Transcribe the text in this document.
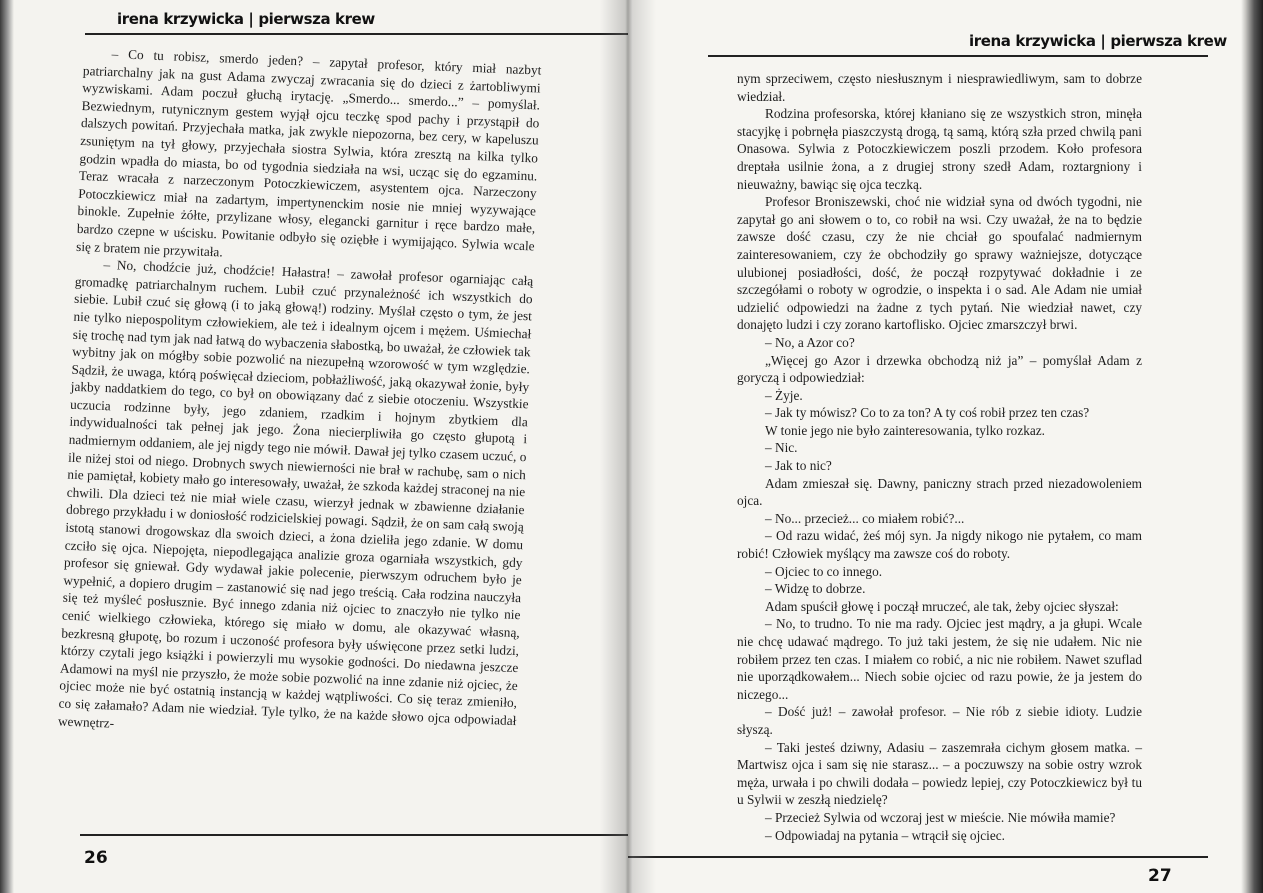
irena krzywicka | pierwsza krew

– Co tu robisz, smerdo jeden? – zapytał profesor, który miał nazbyt patriarchalny jak na gust Adama zwyczaj zwracania się do dzieci z żartobliwymi wyzwiskami. Adam poczuł głuchą irytację. „Smerdo... smerdo...” – pomyślał. Bezwiednym, rutynicznym gestem wyjął ojcu teczkę spod pachy i przystąpił do dalszych powitań. Przyjechała matka, jak zwykle niepozorna, bez cery, w kapeluszu zsuniętym na tył głowy, przyjechała siostra Sylwia, która zresztą na kilka tylko godzin wpadła do miasta, bo od tygodnia siedziała na wsi, ucząc się do egzaminu. Teraz wracała z narzeczonym Potoczkiewiczem, asystentem ojca. Narzeczony Potoczkiewicz miał na zadartym, impertynenckim nosie nie mniej wyzywające binokle. Zupełnie żółte, przylizane włosy, elegancki garnitur i ręce bardzo małe, bardzo czepne w uścisku. Powitanie odbyło się oziębłe i wymijająco. Sylwia wcale się z bratem nie przywitała.

– No, chodźcie już, chodźcie! Hałastra! – zawołał profesor ogarniając całą gromadkę patriarchalnym ruchem. Lubił czuć przynależność ich wszystkich do siebie. Lubił czuć się głową (i to jaką głową!) rodziny. Myślał często o tym, że jest nie tylko niepospolitym człowiekiem, ale też i idealnym ojcem i mężem. Uśmiechał się trochę nad tym jak nad łatwą do wybaczenia słabostką, bo uważał, że człowiek tak wybitny jak on mógłby sobie pozwolić na niezupełną wzorowość w tym względzie. Sądził, że uwaga, którą poświęcał dzieciom, pobłażliwość, jaką okazywał żonie, były jakby naddatkiem do tego, co był on obowiązany dać z siebie otoczeniu. Wszystkie uczucia rodzinne były, jego zdaniem, rzadkim i hojnym zbytkiem dla indywidualności tak pełnej jak jego. Żona niecierpliwiła go często głupotą i nadmiernym oddaniem, ale jej nigdy tego nie mówił. Dawał jej tylko czasem uczuć, o ile niżej stoi od niego. Drobnych swych niewierności nie brał w rachubę, sam o nich nie pamiętał, kobiety mało go interesowały, uważał, że szkoda każdej straconej na nie chwili. Dla dzieci też nie miał wiele czasu, wierzył jednak w zbawienne działanie dobrego przykładu i w doniosłość rodzicielskiej powagi. Sądził, że on sam całą swoją istotą stanowi drogowskaz dla swoich dzieci, a żona dzieliła jego zdanie. W domu czciło się ojca. Niepojęta, niepodlegająca analizie groza ogarniała wszystkich, gdy profesor się gniewał. Gdy wydawał jakie polecenie, pierwszym odruchem było je wypełnić, a dopiero drugim – zastanowić się nad jego treścią. Cała rodzina nauczyła się też myśleć posłusznie. Być innego zdania niż ojciec to znaczyło nie tylko nie cenić wielkiego człowieka, którego się miało w domu, ale okazywać własną, bezkresną głupotę, bo rozum i uczoność profesora były uświęcone przez setki ludzi, którzy czytali jego książki i powierzyli mu wysokie godności. Do niedawna jeszcze Adamowi na myśl nie przyszło, że może sobie pozwolić na inne zdanie niż ojciec, że ojciec może nie być ostatnią instancją w każdej wątpliwości. Co się teraz zmieniło, co się załamało? Adam nie wiedział. Tyle tylko, że na każde słowo ojca odpowiadał wewnętrz-

26
irena krzywicka | pierwsza krew
27

nym sprzeciwem, często niesłusznym i niesprawiedliwym, sam to dobrze wiedział.

Rodzina profesorska, której kłaniano się ze wszystkich stron, minęła stacyjkę i pobrnęła piaszczystą drogą, tą samą, którą szła przed chwilą pani Onasowa. Sylwia z Potoczkiewiczem poszli przodem. Koło profesora dreptała usilnie żona, a z drugiej strony szedł Adam, roztargniony i nieuważny, bawiąc się ojca teczką.

Profesor Broniszewski, choć nie widział syna od dwóch tygodni, nie zapytał go ani słowem o to, co robił na wsi. Czy uważał, że na to będzie zawsze dość czasu, czy że nie chciał go spoufalać nadmiernym zainteresowaniem, czy że obchodziły go sprawy ważniejsze, dotyczące ulubionej posiadłości, dość, że począł rozpytywać dokładnie i ze szczegółami o roboty w ogrodzie, o inspekta i o sad. Ale Adam nie umiał udzielić odpowiedzi na żadne z tych pytań. Nie wiedział nawet, czy donajęto ludzi i czy zorano kartoflisko. Ojciec zmarszczył brwi.

– No, a Azor co?

„Więcej go Azor i drzewka obchodzą niż ja” – pomyślał Adam z goryczą i odpowiedział:

– Żyje.

– Jak ty mówisz? Co to za ton? A ty coś robił przez ten czas?

W tonie jego nie było zainteresowania, tylko rozkaz.

– Nic.

– Jak to nic?

Adam zmieszał się. Dawny, paniczny strach przed niezadowoleniem ojca.

– No... przecież... co miałem robić?...

– Od razu widać, żeś mój syn. Ja nigdy nikogo nie pytałem, co mam robić! Człowiek myślący ma zawsze coś do roboty.

– Ojciec to co innego.

– Widzę to dobrze.

Adam spuścił głowę i począł mruczeć, ale tak, żeby ojciec słyszał:

– No, to trudno. To nie ma rady. Ojciec jest mądry, a ja głupi. Wcale nie chcę udawać mądrego. To już taki jestem, że się nie udałem. Nic nie robiłem przez ten czas. I miałem co robić, a nic nie robiłem. Nawet szuflad nie uporządkowałem... Niech sobie ojciec od razu powie, że ja jestem do niczego...

– Dość już! – zawołał profesor. – Nie rób z siebie idioty. Ludzie słyszą.

– Taki jesteś dziwny, Adasiu – zaszemrała cichym głosem matka. – Martwisz ojca i sam się nie starasz... – a poczuwszy na sobie ostry wzrok męża, urwała i po chwili dodała – powiedz lepiej, czy Potoczkiewicz był tu u Sylwii w zeszłą niedzielę?

– Przecież Sylwia od wczoraj jest w mieście. Nie mówiła mamie?

– Odpowiadaj na pytania – wtrącił się ojciec.
